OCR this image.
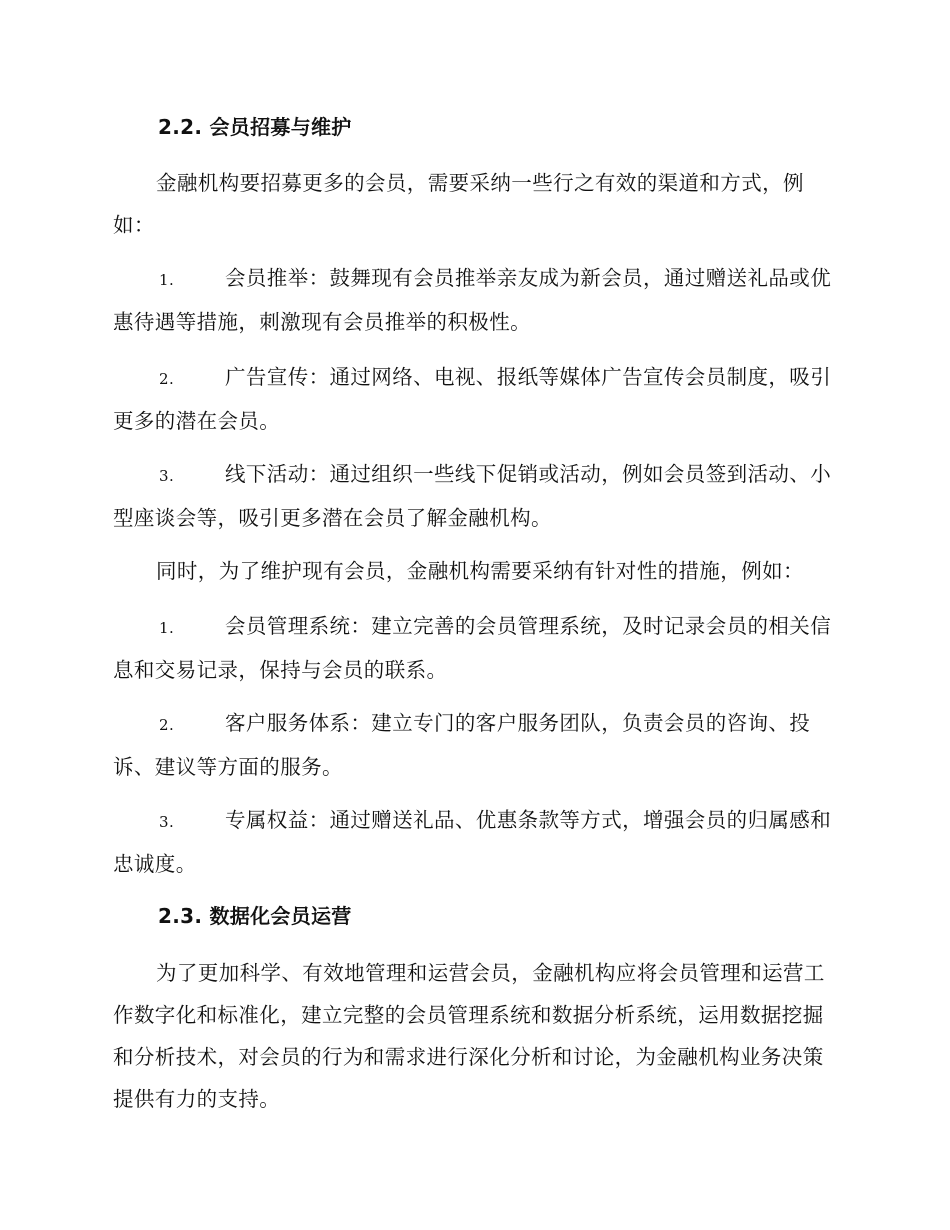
2.2. 会员招募与维护

金融机构要招募更多的会员，需要采纳一些行之有效的渠道和方式，例如：

1. 会员推举：鼓舞现有会员推举亲友成为新会员，通过赠送礼品或优惠待遇等措施，刺激现有会员推举的积极性。

2. 广告宣传：通过网络、电视、报纸等媒体广告宣传会员制度，吸引更多的潜在会员。

3. 线下活动：通过组织一些线下促销或活动，例如会员签到活动、小型座谈会等，吸引更多潜在会员了解金融机构。

同时，为了维护现有会员，金融机构需要采纳有针对性的措施，例如：

1. 会员管理系统：建立完善的会员管理系统，及时记录会员的相关信息和交易记录，保持与会员的联系。

2. 客户服务体系：建立专门的客户服务团队，负责会员的咨询、投诉、建议等方面的服务。

3. 专属权益：通过赠送礼品、优惠条款等方式，增强会员的归属感和忠诚度。

2.3. 数据化会员运营

为了更加科学、有效地管理和运营会员，金融机构应将会员管理和运营工作数字化和标准化，建立完整的会员管理系统和数据分析系统，运用数据挖掘和分析技术，对会员的行为和需求进行深化分析和讨论，为金融机构业务决策提供有力的支持。
